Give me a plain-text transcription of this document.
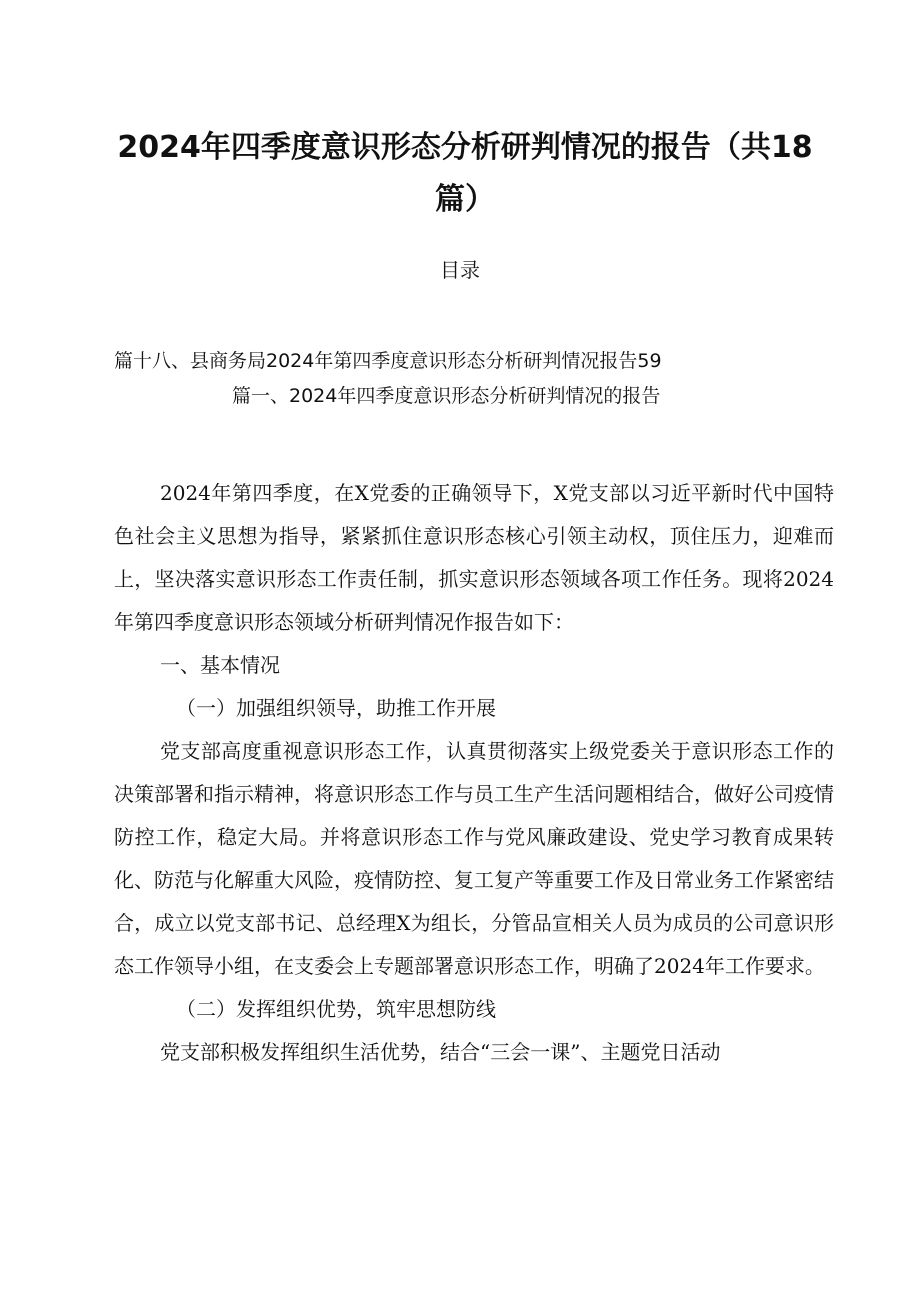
2024年四季度意识形态分析研判情况的报告（共18篇）
目录
篇十八、县商务局2024年第四季度意识形态分析研判情况报告59
篇一、2024年四季度意识形态分析研判情况的报告

2024年第四季度，在X党委的正确领导下，X党支部以习近平新时代中国特色社会主义思想为指导，紧紧抓住意识形态核心引领主动权，顶住压力，迎难而上，坚决落实意识形态工作责任制，抓实意识形态领域各项工作任务。现将2024年第四季度意识形态领域分析研判情况作报告如下：

一、基本情况

（一）加强组织领导，助推工作开展

党支部高度重视意识形态工作，认真贯彻落实上级党委关于意识形态工作的决策部署和指示精神，将意识形态工作与员工生产生活问题相结合，做好公司疫情防控工作，稳定大局。并将意识形态工作与党风廉政建设、党史学习教育成果转化、防范与化解重大风险，疫情防控、复工复产等重要工作及日常业务工作紧密结合，成立以党支部书记、总经理X为组长，分管品宣相关人员为成员的公司意识形态工作领导小组，在支委会上专题部署意识形态工作，明确了2024年工作要求。

（二）发挥组织优势，筑牢思想防线

党支部积极发挥组织生活优势，结合“三会一课”、主题党日活动
